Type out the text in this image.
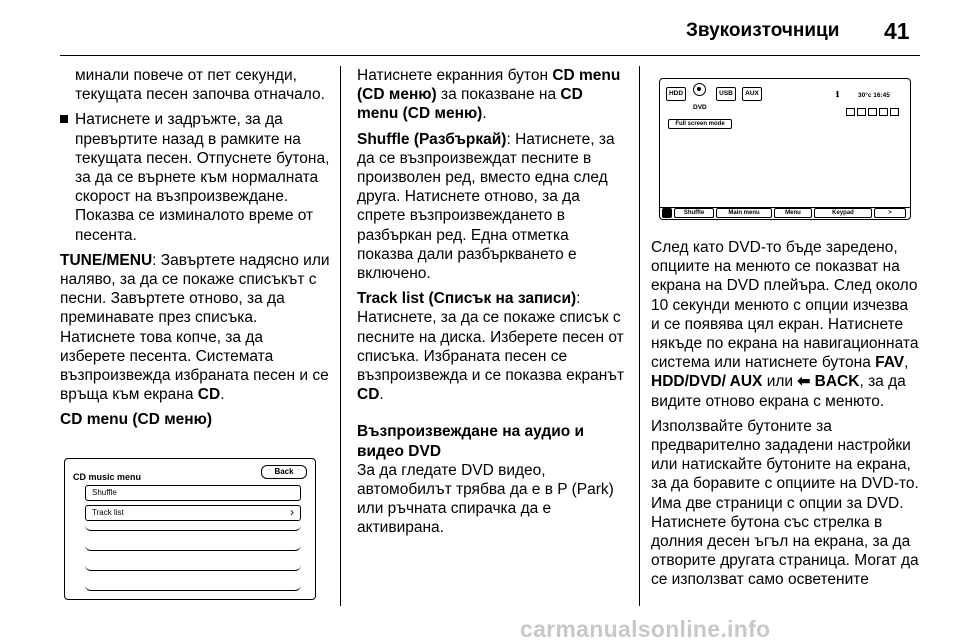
Звукоизточници 41

минали повече от пет секунди, текущата песен започва отначало.

Натиснете и задръжте, за да превъртите назад в рамките на текущата песен. Отпуснете бутона, за да се върнете към нормалната скорост на възпроизвеждане. Показва се изминалото време от песента.

TUNE/MENU: Завъртете надясно или наляво, за да се покаже списъкът с песни. Завъртете отново, за да преминавате през списъка. Натиснете това копче, за да изберете песента. Системата възпроизвежда избраната песен и се връща към екрана CD.

CD menu (CD меню)

CD music menu
Back
Shuffle
Track list	›

Натиснете екранния бутон CD menu (CD меню) за показване на CD menu (CD меню).

Shuffle (Разбъркай): Натиснете, за да се възпроизвеждат песните в произволен ред, вместо една след друга. Натиснете отново, за да спрете възпроизвеждането в разбъркан ред. Една отметка показва дали разбъркването е включено.

Track list (Списък на записи): Натиснете, за да се покаже списък с песните на диска. Изберете песен от списъка. Избраната песен се възпроизвежда и се показва екранът CD.

Възпроизвеждане на аудио и видео DVD

За да гледате DVD видео, автомобилът трябва да е в P (Park) или ръчната спирачка да е активирана.

HDD
DVD
USB	AUX	ℹ	30°c 16:45
Full screen mode
Shuffle	Main menu	Menu	Keypad	>

След като DVD-то бъде заредено, опциите на менюто се показват на екрана на DVD плейъра. След около 10 секунди менюто с опции изчезва и се появява цял екран. Натиснете някъде по екрана на навигационната система или натиснете бутона FAV, HDD/DVD/ AUX или ⬅ BACK, за да видите отново екрана с менюто.

Използвайте бутоните за предварително зададени настройки или натискайте бутоните на екрана, за да боравите с опциите на DVD-то. Има две страници с опции за DVD. Натиснете бутона със стрелка в долния десен ъгъл на екрана, за да отворите другата страница. Могат да се използват само осветените

carmanualsonline.info
